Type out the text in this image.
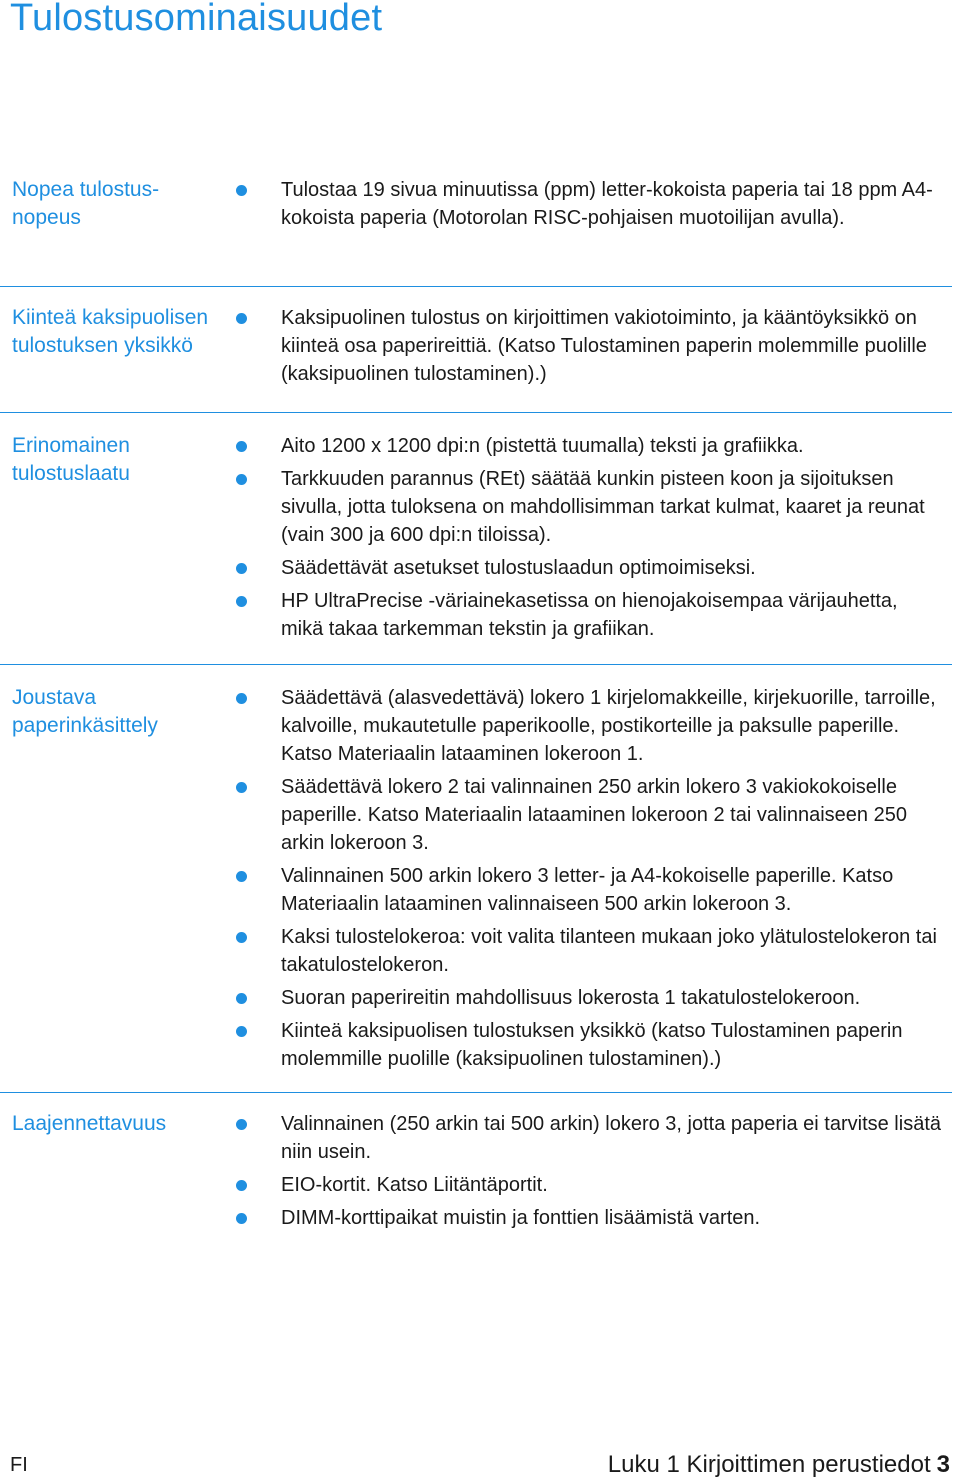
Tulostusominaisuudet
Nopea tulostus-
nopeus
Tulostaa 19 sivua minuutissa (ppm) letter-kokoista paperia tai 18 ppm A4-kokoista paperia (Motorolan RISC-pohjaisen muotoilijan avulla).
Kiinteä kaksipuolisen
tulostuksen yksikkö
Kaksipuolinen tulostus on kirjoittimen vakiotoiminto, ja kääntöyksikkö on kiinteä osa paperireittiä. (Katso Tulostaminen paperin molemmille puolille (kaksipuolinen tulostaminen).)
Erinomainen
tulostuslaatu
Aito 1200 x 1200 dpi:n (pistettä tuumalla) teksti ja grafiikka.
Tarkkuuden parannus (REt) säätää kunkin pisteen koon ja sijoituksen sivulla, jotta tuloksena on mahdollisimman tarkat kulmat, kaaret ja reunat (vain 300 ja 600 dpi:n tiloissa).
Säädettävät asetukset tulostuslaadun optimoimiseksi.
HP UltraPrecise -väriainekasetissa on hienojakoisempaa värijauhetta, mikä takaa tarkemman tekstin ja grafiikan.
Joustava
paperinkäsittely
Säädettävä (alasvedettävä) lokero 1 kirjelomakkeille, kirjekuorille, tarroille, kalvoille, mukautetulle paperikoolle, postikorteille ja paksulle paperille. Katso Materiaalin lataaminen lokeroon 1.
Säädettävä lokero 2 tai valinnainen 250 arkin lokero 3 vakiokokoiselle paperille. Katso Materiaalin lataaminen lokeroon 2 tai valinnaiseen 250 arkin lokeroon 3.
Valinnainen 500 arkin lokero 3 letter- ja A4-kokoiselle paperille. Katso Materiaalin lataaminen valinnaiseen 500 arkin lokeroon 3.
Kaksi tulostelokeroa: voit valita tilanteen mukaan joko ylätulostelokeron tai takatulostelokeron.
Suoran paperireitin mahdollisuus lokerosta 1 takatulostelokeroon.
Kiinteä kaksipuolisen tulostuksen yksikkö (katso Tulostaminen paperin molemmille puolille (kaksipuolinen tulostaminen).)
Laajennettavuus	Valinnainen (250 arkin tai 500 arkin) lokero 3, jotta paperia ei tarvitse lisätä niin usein.
EIO-kortit. Katso Liitäntäportit.
DIMM-korttipaikat muistin ja fonttien lisäämistä varten.
FI	Luku 1 Kirjoittimen perustiedot 3
